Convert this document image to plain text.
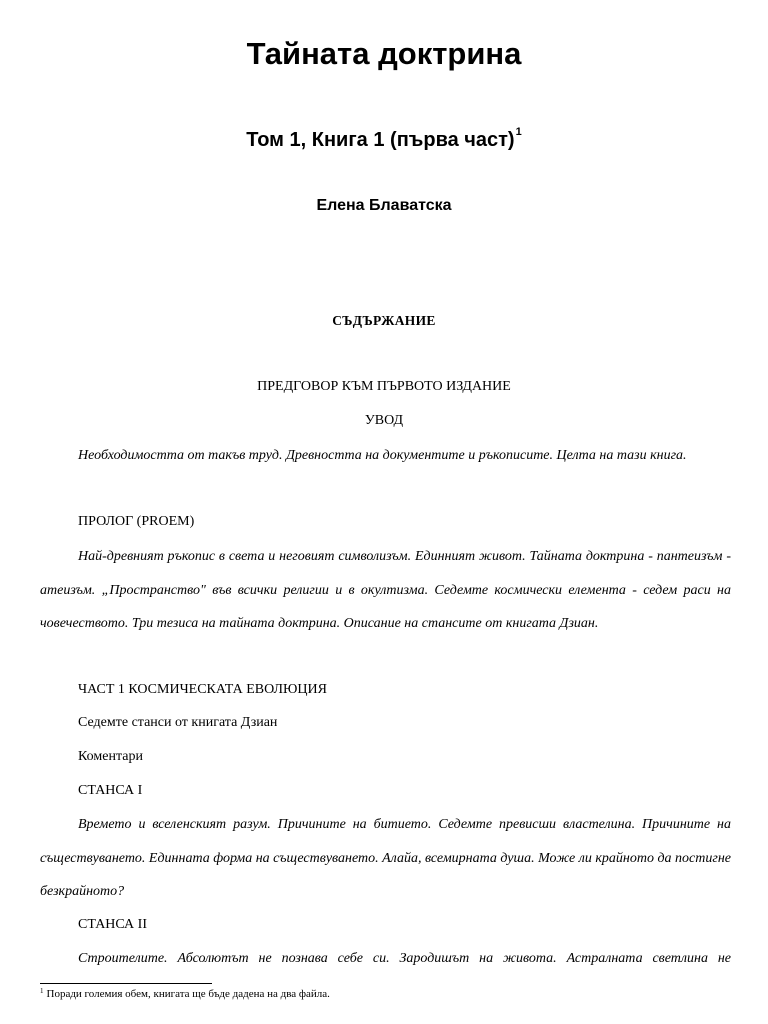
Тайната доктрина
Том 1, Книга 1 (първа част)$^1$
Елена Блаватска
СЪДЪРЖАНИЕ
ПРЕДГОВОР КЪМ ПЪРВОТО ИЗДАНИЕ
УВОД

Необходимостта от такъв труд. Древността на документите и ръкописите. Целта на тази книга.

ПРОЛОГ (PROEM)

Най-древният ръкопис в света и неговият символизъм. Единният живот. Тайната доктрина - пантеизъм - атеизъм. „Пространство" във всички религии и в окултизма. Седемте космически елемента - седем раси на човечеството. Три тезиса на тайната доктрина. Описание на стансите от книгата Дзиан.

ЧАСТ 1 КОСМИЧЕСКАТА ЕВОЛЮЦИЯ
Седемте станси от книгата Дзиан
Коментари
СТАНСА I

Времето и вселенският разум. Причините на битието. Седемте превисши властелина. Причините на съществуването. Единната форма на съществуването. Алайа, всемирната душа. Може ли крайното да постигне безкрайното?

СТАНСА II

Строителите. Абсолютът не познава себе си. Зародишът на живота. Астралната светлина не

$^1$ Поради големия обем, книгата ще бъде дадена на два файла.
